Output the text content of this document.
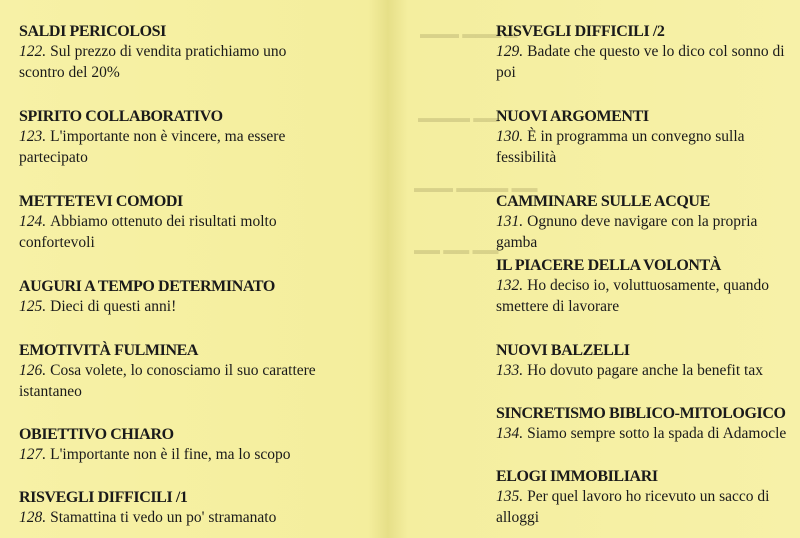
▬▬▬ ▬▬▬ ▬
▬▬▬▬ ▬▬
▬▬▬ ▬▬▬▬ ▬▬
▬▬ ▬▬ ▬▬
SALDI PERICOLOSI
122. Sul prezzo di vendita pratichiamo uno scontro del 20%
SPIRITO COLLABORATIVO
123. L'importante non è vincere, ma essere partecipato
METTETEVI COMODI
124. Abbiamo ottenuto dei risultati molto confortevoli
AUGURI A TEMPO DETERMINATO
125. Dieci di questi anni!
EMOTIVITÀ FULMINEA
126. Cosa volete, lo conosciamo il suo carattere istantaneo
OBIETTIVO CHIARO
127. L'importante non è il fine, ma lo scopo
RISVEGLI DIFFICILI /1
128. Stamattina ti vedo un po' stramanato
RISVEGLI DIFFICILI /2
129. Badate che questo ve lo dico col sonno di poi
NUOVI ARGOMENTI
130. È in programma un convegno sulla fessibilità
CAMMINARE SULLE ACQUE
131. Ognuno deve navigare con la propria gamba
IL PIACERE DELLA VOLONTÀ
132. Ho deciso io, voluttuosamente, quando smettere di lavorare
NUOVI BALZELLI
133. Ho dovuto pagare anche la benefit tax
SINCRETISMO BIBLICO-MITOLOGICO
134. Siamo sempre sotto la spada di Adamocle
ELOGI IMMOBILIARI
135. Per quel lavoro ho ricevuto un sacco di alloggi
